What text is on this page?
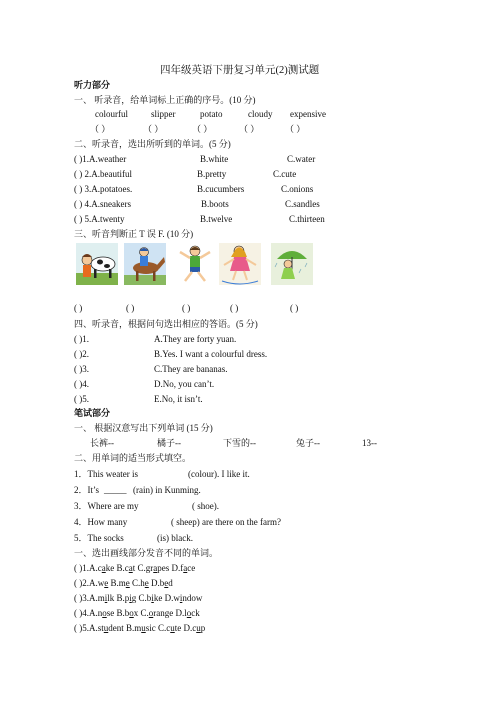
四年级英语下册复习单元(2)测试题
听力部分
一、 听录音，给单词标上正确的序号。(10 分)
colourful	slipper	potato	cloudy expensive
（ ）	（ ）	（ ）	（ ）	（ ）
二、听录音，选出所听到的单词。(5 分)
( )1.A.weather	B.white	C.water
( ) 2.A.beautiful	B.pretty	C.cute
( ) 3.A.potatoes.	B.cucumbers	C.onions
( ) 4.A.sneakers	B.boots	C.sandles
( ) 5.A.twenty	B.twelve	C.thirteen
三、听音判断正 T 误 F. (10 分)
( )	( )	( )	( )	( )
四、听录音，根据问句选出相应的答语。(5 分)
( )1.	A.They are forty yuan.
( )2.	B.Yes. I want a colourful dress.
( )3.	C.They are bananas.
( )4.	D.No, you can’t.
( )5.	E.No, it isn’t.
笔试部分
一、 根据汉意写出下列单词 (15 分)
长裤--	橘子--	下雪的--	兔子--	13--
二、用单词的适当形式填空。
1．This weater is	(colour). I like it.
2．It’s _____ (rain) in Kunming.
3．Where are my	( shoe).
4．How many	( sheep) are there on the farm?
5．The socks	(is) black.
一、选出画线部分发音不同的单词。
( )1.A.cake B.cat C.grapes D.face
( )2.A.we B.me C.he D.bed
( )3.A.milk B.pig C.bike D.window
( )4.A.nose B.box C.orange D.lock
( )5.A.student B.music C.cute D.cup
